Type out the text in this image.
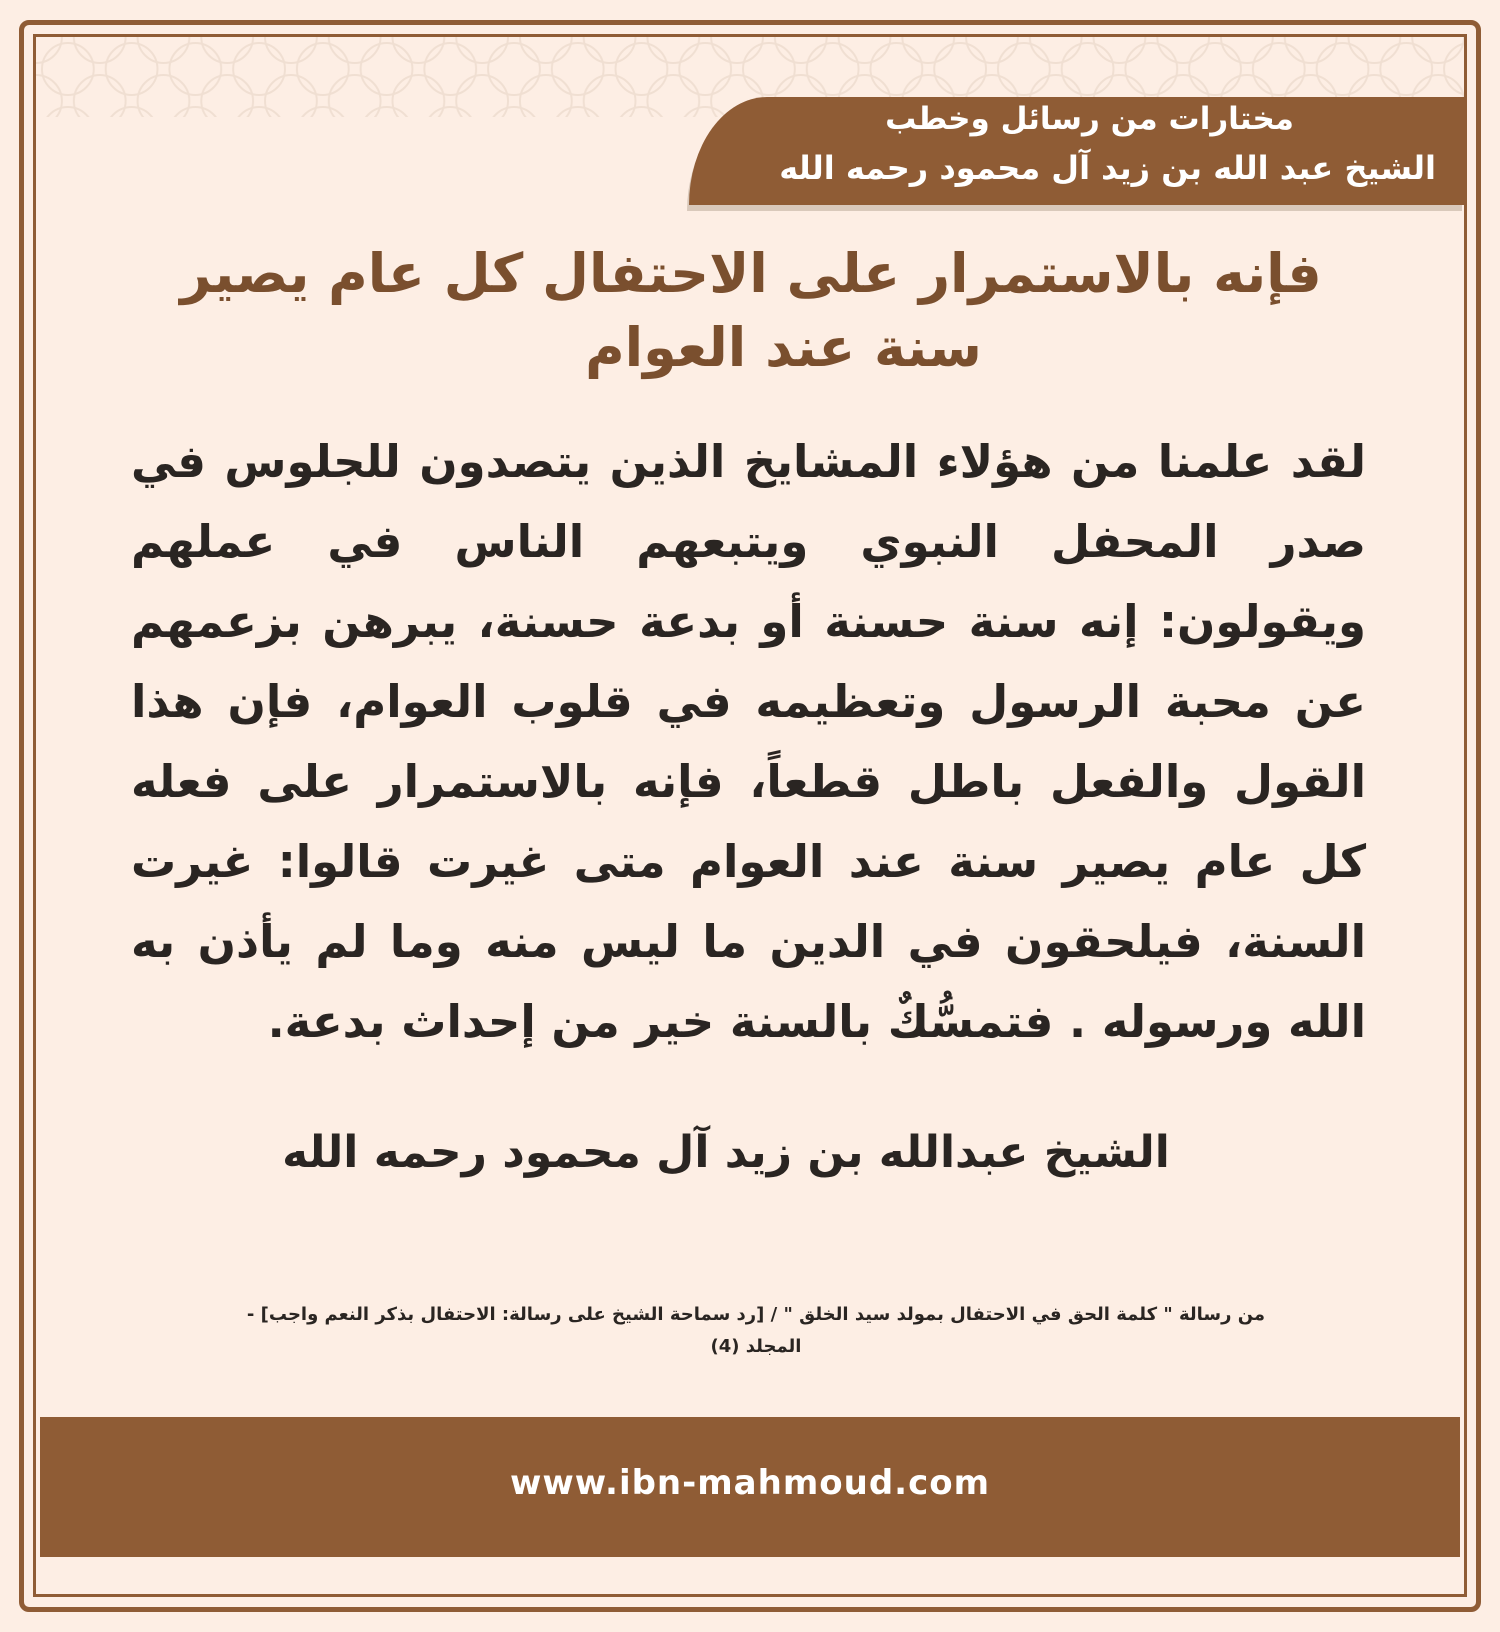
مختارات من رسائل وخطب
الشيخ عبد الله بن زيد آل محمود رحمه الله
فإنه بالاستمرار على الاحتفال كل عام يصير
سنة عند العوام

لقد علمنا من هؤلاء المشايخ الذين يتصدون للجلوس في صدر المحفل النبوي ويتبعهم الناس في عملهم ويقولون: إنه سنة حسنة أو بدعة حسنة، يبرهن بزعمهم عن محبة الرسول وتعظيمه في قلوب العوام، فإن هذا القول والفعل باطل قطعاً، فإنه بالاستمرار على فعله كل عام يصير سنة عند العوام متى غيرت قالوا: غيرت السنة، فيلحقون في الدين ما ليس منه وما لم يأذن به الله ورسوله . فتمسُّكٌ بالسنة خير من إحداث بدعة.

الشيخ عبدالله بن زيد آل محمود رحمه الله
من رسالة " كلمة الحق في الاحتفال بمولد سيد الخلق " / [رد سماحة الشيخ على رسالة: الاحتفال بذكر النعم واجب] -
المجلد (4)
www.ibn-mahmoud.com
